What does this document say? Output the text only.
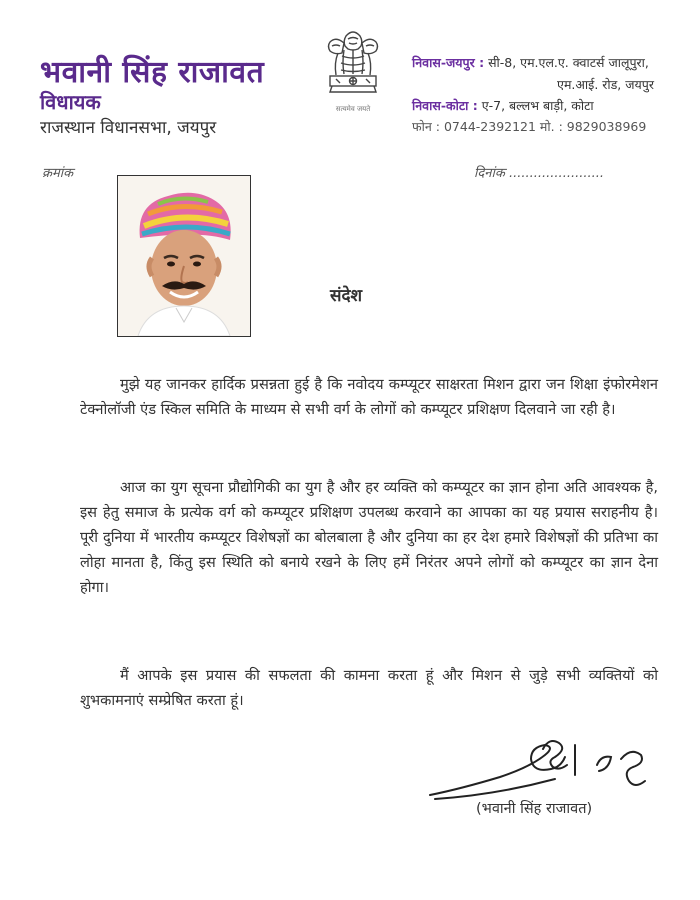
भवानी सिंह राजावत
विधायक
राजस्थान विधानसभा, जयपुर
सत्यमेव जयते
निवास-जयपुर : सी-8, एम.एल.ए. क्वाटर्स जालूपुरा,
एम.आई. रोड, जयपुर
निवास-कोटा : ए-7, बल्लभ बाड़ी, कोटा
फोन : 0744-2392121 मो. : 9829038969
क्रमांक	दिनांक .......................
संदेश

मुझे यह जानकर हार्दिक प्रसन्नता हुई है कि नवोदय कम्प्यूटर साक्षरता मिशन द्वारा जन शिक्षा इंफोरमेशन टेक्नोलॉजी एंड स्किल समिति के माध्यम से सभी वर्ग के लोगों को कम्प्यूटर प्रशिक्षण दिलवाने जा रही है।

आज का युग सूचना प्रौद्योगिकी का युग है और हर व्यक्ति को कम्प्यूटर का ज्ञान होना अति आवश्यक है, इस हेतु समाज के प्रत्येक वर्ग को कम्प्यूटर प्रशिक्षण उपलब्ध करवाने का आपका का यह प्रयास सराहनीय है। पूरी दुनिया में भारतीय कम्प्यूटर विशेषज्ञों का बोलबाला है और दुनिया का हर देश हमारे विशेषज्ञों की प्रतिभा का लोहा मानता है, किंतु इस स्थिति को बनाये रखने के लिए हमें निरंतर अपने लोगों को कम्प्यूटर का ज्ञान देना होगा।

मैं आपके इस प्रयास की सफलता की कामना करता हूं और मिशन से जुड़े सभी व्यक्तियों को शुभकामनाएं सम्प्रेषित करता हूं।

(भवानी सिंह राजावत)
